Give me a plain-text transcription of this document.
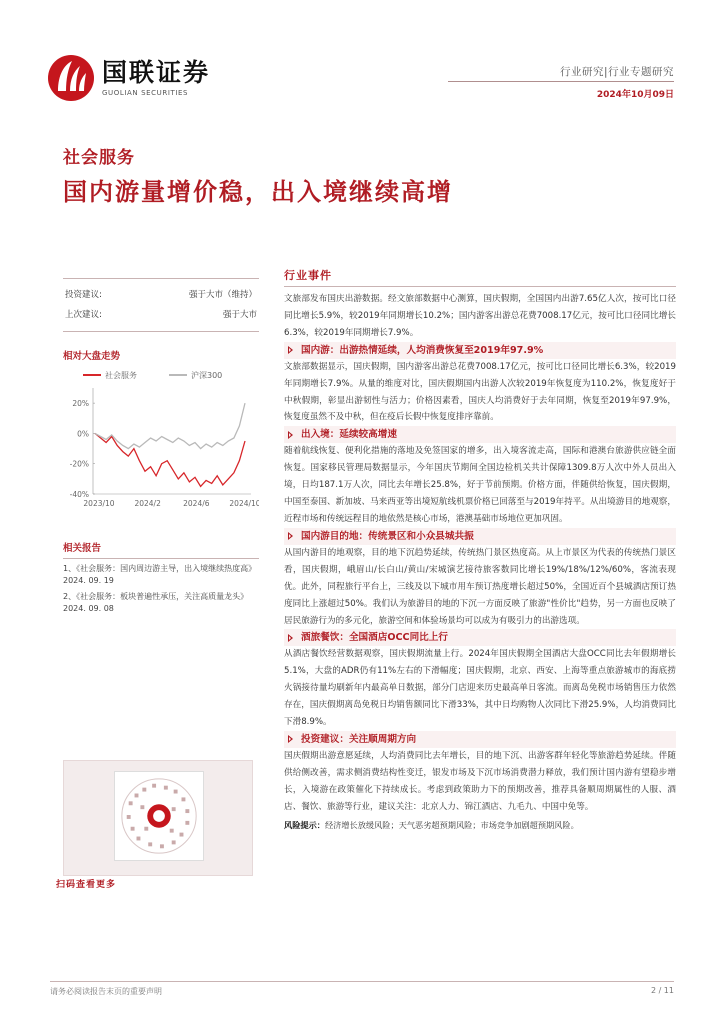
国联证券
GUOLIAN SECURITIES
行业研究|行业专题研究
2024年10月09日
社会服务
国内游量增价稳，出入境继续高增
投资建议:	强于大市（维持）
上次建议:	强于大市
相对大盘走势
社会服务	沪深300
20%
0%
-20%
-40%
2023/10	2024/2	2024/6	2024/10
相关报告
1、《社会服务：国内周边游主导，出入境继续热度高》2024. 09. 19
2、《社会服务：板块普遍性承压，关注高质量龙头》2024. 09. 08
扫码查看更多
行业事件
文旅部发布国庆出游数据。经文旅部数据中心测算，国庆假期，全国国内出游7.65亿人次，按可比口径同比增长5.9%，较2019年同期增长10.2%；国内游客出游总花费7008.17亿元，按可比口径同比增长6.3%，较2019年同期增长7.9%。
国内游：出游热情延续，人均消费恢复至2019年97.9%
文旅部数据显示，国庆假期，国内游客出游总花费7008.17亿元，按可比口径同比增长6.3%，较2019年同期增长7.9%。从量的维度对比，国庆假期国内出游人次较2019年恢复度为110.2%，恢复度好于中秋假期，彰显出游韧性与活力；价格因素看，国庆人均消费好于去年同期，恢复至2019年97.9%，恢复度虽然不及中秋，但在疫后长假中恢复度排序靠前。
出入境：延续较高增速
随着航线恢复、便利化措施的落地及免签国家的增多，出入境客流走高，国际和港澳台旅游供应链全面恢复。国家移民管理局数据显示，今年国庆节期间全国边检机关共计保障1309.8万人次中外人员出入境，日均187.1万人次，同比去年增长25.8%，好于节前预期。价格方面，伴随供给恢复，国庆假期，中国至泰国、新加坡、马来西亚等出境短航线机票价格已回落至与2019年持平。从出境游目的地观察，近程市场和传统远程目的地依然是核心市场，港澳基础市场地位更加巩固。
国内游目的地：传统景区和小众县城共振
从国内游目的地观察，目的地下沉趋势延续，传统热门景区热度高。从上市景区为代表的传统热门景区看，国庆假期，峨眉山/长白山/黄山/宋城演艺接待旅客数同比增长19%/18%/12%/60%，客流表现优。此外，同程旅行平台上，三线及以下城市用车预订热度增长超过50%，全国近百个县城酒店预订热度同比上涨超过50%。我们认为旅游目的地的下沉一方面反映了旅游"性价比"趋势，另一方面也反映了居民旅游行为的多元化，旅游空间和体验场景均可以成为有吸引力的出游选项。
酒旅餐饮：全国酒店OCC同比上行
从酒店餐饮经营数据观察，国庆假期流量上行。2024年国庆假期全国酒店大盘OCC同比去年假期增长5.1%，大盘的ADR仍有11%左右的下滑幅度；国庆假期，北京、西安、上海等重点旅游城市的海底捞火锅接待量均刷新年内最高单日数据，部分门店迎来历史最高单日客流。而离岛免税市场销售压力依然存在，国庆假期离岛免税日均销售额同比下滑33%，其中日均购物人次同比下滑25.9%，人均消费同比下滑8.9%。
投资建议：关注顺周期方向
国庆假期出游意愿延续，人均消费同比去年增长，目的地下沉、出游客群年轻化等旅游趋势延续。伴随供给侧改善，需求侧消费结构性变迁，银发市场及下沉市场消费潜力释放，我们预计国内游有望稳步增长，入境游在政策催化下持续成长。考虑到政策助力下的预期改善，推荐具备顺周期属性的人服、酒店、餐饮、旅游等行业，建议关注：北京人力、锦江酒店、九毛九、中国中免等。
风险提示：经济增长放缓风险；天气恶劣超预期风险；市场竞争加剧超预期风险。
请务必阅读报告末页的重要声明	2 / 11
